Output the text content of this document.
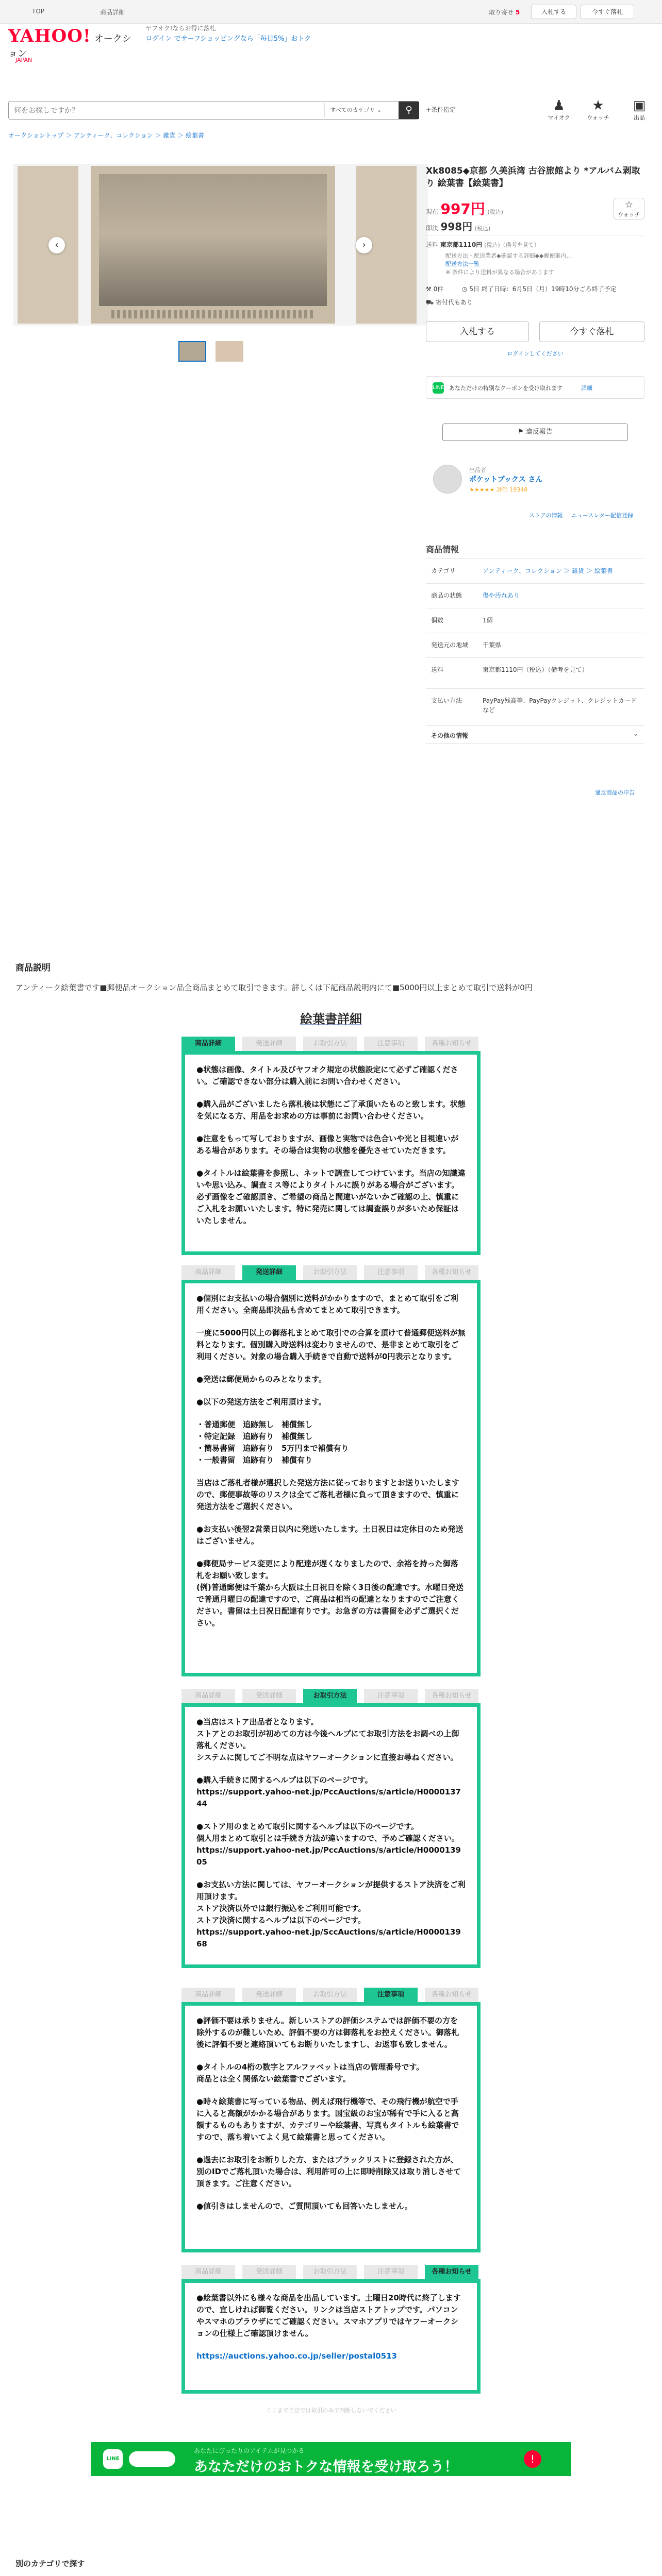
TOP	商品詳細	取り寄せ 5	入札する	今すぐ落札
YAHOO! オークション
JAPAN
ヤフオク!ならお得に落札
ログイン でサーフショッピングなら「毎日5%」おトク
何をお探しですか？
すべてのカテゴリ ⌄	⚲	+条件指定	♟
マイオク
★
ウォッチ
▣
出品
オークショントップ ＞ アンティーク、コレクション ＞ 雑貨 ＞ 絵葉書
‹	›
Xk8085◆京都 久美浜湾 古谷旅館より *アルバム剥取り 絵葉書【絵葉書】
☆
ウォッチ
現在 997円 (税込)
即決 998円 (税込)
送料 東京都1110円 (税込)（備考を見て）
配送方法・配送業者◆確認する詳細◆◆郵便案内…
配送方法一覧
※ 条件により送料が異なる場合があります
⚒ 0件	◷ 5日 終了日時：6月5日（月）19時10分ごろ終了予定
⛟ 寄付代もあり
入札する	今すぐ落札
ログインしてください
LINE あなただけの特別なクーポンを受け取れます	詳細
⚑ 違反報告
出品者
ポケットブックス さん
★★★★★ 評価 19348
ストアの情報 ニュースレター配信登録
商品情報
カテゴリ	アンティーク、コレクション ＞ 雑貨 ＞ 絵葉書
商品の状態	傷や汚れあり
個数	1個
発送元の地域 千葉県
送料	東京都1110円（税込）（備考を見て）
支払い方法	PayPay残高等、PayPayクレジット、クレジットカードなど
その他の情報	⌄
違反商品の申告
商品説明
アンティーク絵葉書です■郵便品オークション品全商品まとめて取引できます。詳しくは下記商品説明内にて■5000円以上まとめて取引で送料が0円
絵葉書詳細
商品詳細	発送詳細	お取引方法	注意事項	各種お知らせ

●状態は画像、タイトル及びヤフオク規定の状態設定にて必ずご確認ください。ご確認できない部分は購入前にお問い合わせください。

●購入品がございましたら落札後は状態にご了承頂いたものと致します。状態を気になる方、用品をお求めの方は事前にお問い合わせください。

●注意をもって写しておりますが、画像と実物では色合いや光と目視違いがある場合があります。その場合は実物の状態を優先させていただきます。

●タイトルは絵葉書を参照し、ネットで調査してつけています。当店の知識違いや思い込み、調査ミス等によりタイトルに誤りがある場合がございます。必ず画像をご確認頂き、ご希望の商品と間違いがないかご確認の上、慎重にご入札をお願いいたします。特に発売に関しては調査誤りが多いため保証はいたしません。

商品詳細	発送詳細	お取引方法	注意事項	各種お知らせ

●個別にお支払いの場合個別に送料がかかりますので、まとめて取引をご利用ください。全商品即決品も含めてまとめて取引できます。

一度に5000円以上の御落札まとめて取引での合算を頂けて普通郵便送料が無料となります。個別購入時送料は変わりませんので、是非まとめて取引をご利用ください。対象の場合購入手続きで自動で送料が0円表示となります。

●発送は郵便局からのみとなります。

●以下の発送方法をご利用頂けます。

・普通郵便　追跡無し　補償無し
・特定記録　追跡有り　補償無し
・簡易書留　追跡有り　5万円まで補償有り
・一般書留　追跡有り　補償有り

当店はご落札者様が選択した発送方法に従っておりますとお送りいたしますので、郵便事故等のリスクは全てご落札者様に負って頂きますので、慎重に発送方法をご選択ください。

●お支払い後翌2営業日以内に発送いたします。土日祝日は定休日のため発送はございません。

●郵便局サービス変更により配達が遅くなりましたので、余裕を持った御落札をお願い致します。
(例)普通郵便は千葉から大阪は土日祝日を除く3日後の配達です。水曜日発送で普通月曜日の配達ですので、ご商品は相当の配達となりますのでご注意ください。書留は土日祝日配達有りです。お急ぎの方は書留を必ずご選択ください。

商品詳細	発送詳細	お取引方法	注意事項	各種お知らせ

●当店はストア出品者となります。
ストアとのお取引が初めての方は今後ヘルプにてお取引方法をお調べの上御落札ください。
システムに関してご不明な点はヤフーオークションに直接お尋ねください。

●購入手続きに関するヘルプは以下のページです。
https://support.yahoo-net.jp/PccAuctions/s/article/H000013744

●ストア用のまとめて取引に関するヘルプは以下のページです。
個人用まとめて取引とは手続き方法が違いますので、予めご確認ください。
https://support.yahoo-net.jp/PccAuctions/s/article/H000013905

●お支払い方法に関しては、ヤフーオークションが提供するストア決済をご利用頂けます。
ストア決済以外では銀行振込をご利用可能です。
ストア決済に関するヘルプは以下のページです。
https://support.yahoo-net.jp/SccAuctions/s/article/H000013968

商品詳細	発送詳細	お取引方法	注意事項	各種お知らせ

●評価不要は承りません。新しいストアの評価システムでは評価不要の方を除外するのが難しいため、評価不要の方は御落札をお控えください。御落札後に評価不要と連絡頂いてもお断りいたしますし、お返事も致しません。

●タイトルの4桁の数字とアルファベットは当店の管理番号です。
商品とは全く関係ない絵葉書でございます。

●時々絵葉書に写っている物品、例えば飛行機等で、その飛行機が航空で手に入ると高額がかかる場合があります。国宝級のお宝が稀有で手に入ると高額するものもありますが、カテゴリーや絵葉書、写真もタイトルも絵葉書ですので、落ち着いてよく見て絵葉書と思ってください。

●過去にお取引をお断りした方、またはブラックリストに登録された方が、別のIDでご落札頂いた場合は、利用許可の上に即時削除又は取り消しさせて頂きます。ご注意ください。

●値引きはしませんので、ご質問頂いても回答いたしません。

商品詳細	発送詳細	お取引方法	注意事項	各種お知らせ

●絵葉書以外にも様々な商品を出品しています。土曜日20時代に終了しますので、宜しければ御覧ください。リンクは当店ストアトップです。パソコンやスマホのブラウザにてご確認ください。スマホアプリではヤフーオークションの仕様上ご確認頂けません。

https://auctions.yahoo.co.jp/seller/postal0513

ここまで当店では取引のみで判断しないでください
LINE
あなたにぴったりのアイテムが見つかる
あなただけのおトクな情報を受け取ろう！	!
別のカテゴリで探す
